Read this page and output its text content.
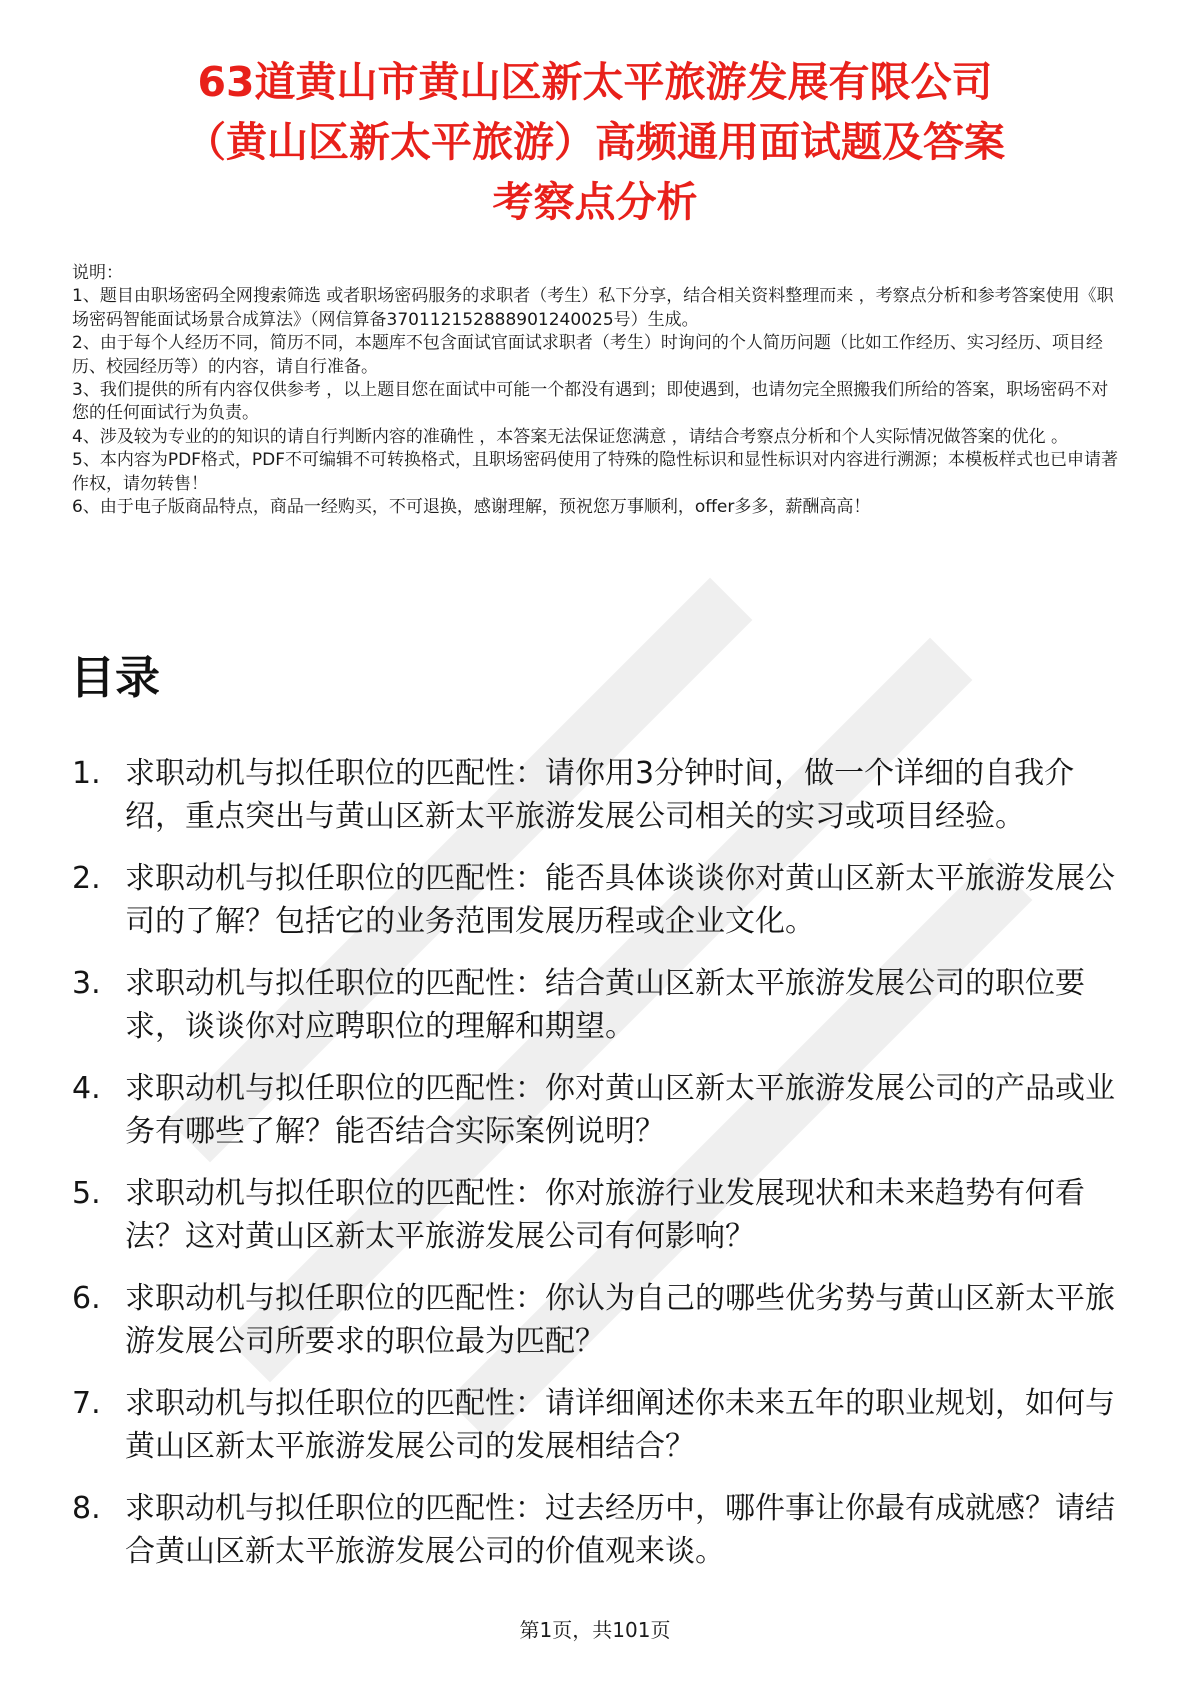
63道黄山市黄山区新太平旅游发展有限公司
（黄山区新太平旅游）高频通用面试题及答案
考察点分析

说明：

1、题目由职场密码全网搜索筛选 或者职场密码服务的求职者（考生）私下分享，结合相关资料整理而来 ，考察点分析和参考答案使用《职场密码智能面试场景合成算法》（网信算备370112152888901240025号）生成。

2、由于每个人经历不同，简历不同，本题库不包含面试官面试求职者（考生）时询问的个人简历问题（比如工作经历、实习经历、项目经历、校园经历等）的内容，请自行准备。

3、我们提供的所有内容仅供参考 ，以上题目您在面试中可能一个都没有遇到；即使遇到，也请勿完全照搬我们所给的答案，职场密码不对您的任何面试行为负责。

4、涉及较为专业的的知识的请自行判断内容的准确性 ，本答案无法保证您满意 ，请结合考察点分析和个人实际情况做答案的优化 。

5、本内容为PDF格式，PDF不可编辑不可转换格式，且职场密码使用了特殊的隐性标识和显性标识对内容进行溯源；本模板样式也已申请著作权，请勿转售！

6、由于电子版商品特点，商品一经购买，不可退换，感谢理解，预祝您万事顺利，offer多多，薪酬高高！

目录
1. 求职动机与拟任职位的匹配性：请你用3分钟时间，做一个详细的自我介绍，重点突出与黄山区新太平旅游发展公司相关的实习或项目经验。
2. 求职动机与拟任职位的匹配性：能否具体谈谈你对黄山区新太平旅游发展公司的了解？包括它的业务范围发展历程或企业文化。
3. 求职动机与拟任职位的匹配性：结合黄山区新太平旅游发展公司的职位要求，谈谈你对应聘职位的理解和期望。
4. 求职动机与拟任职位的匹配性：你对黄山区新太平旅游发展公司的产品或业务有哪些了解？能否结合实际案例说明？
5. 求职动机与拟任职位的匹配性：你对旅游行业发展现状和未来趋势有何看法？这对黄山区新太平旅游发展公司有何影响？
6. 求职动机与拟任职位的匹配性：你认为自己的哪些优劣势与黄山区新太平旅游发展公司所要求的职位最为匹配？
7. 求职动机与拟任职位的匹配性：请详细阐述你未来五年的职业规划，如何与黄山区新太平旅游发展公司的发展相结合？
8. 求职动机与拟任职位的匹配性：过去经历中，哪件事让你最有成就感？请结合黄山区新太平旅游发展公司的价值观来谈。
第1页，共101页
